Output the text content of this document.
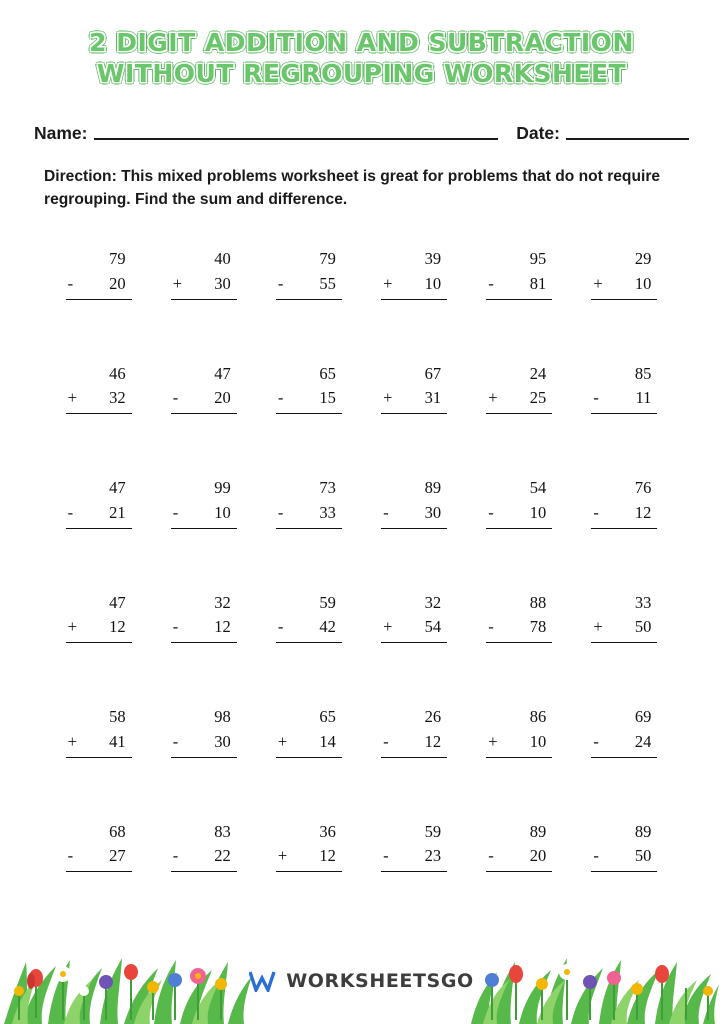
2 DIGIT ADDITION AND SUBTRACTION WITHOUT REGROUPING WORKSHEET
Name:	Date:
Direction: This mixed problems worksheet is great for problems that do not require regrouping. Find the sum and difference.
79
- 20
40
+ 30
79
- 55
39
+ 10
95
- 81
29
+ 10
46
+ 32
47
- 20
65
- 15
67
+ 31
24
+ 25
85
- 11
47
- 21
99
- 10
73
- 33
89
- 30
54
- 10
76
- 12
47
+ 12
32
- 12
59
- 42
32
+ 54
88
- 78
33
+ 50
58
+ 41
98
- 30
65
+ 14
26
- 12
86
+ 10
69
- 24
68
- 27
83
- 22
36
+ 12
59
- 23
89
- 20
89
- 50
WORKSHEETSGO
